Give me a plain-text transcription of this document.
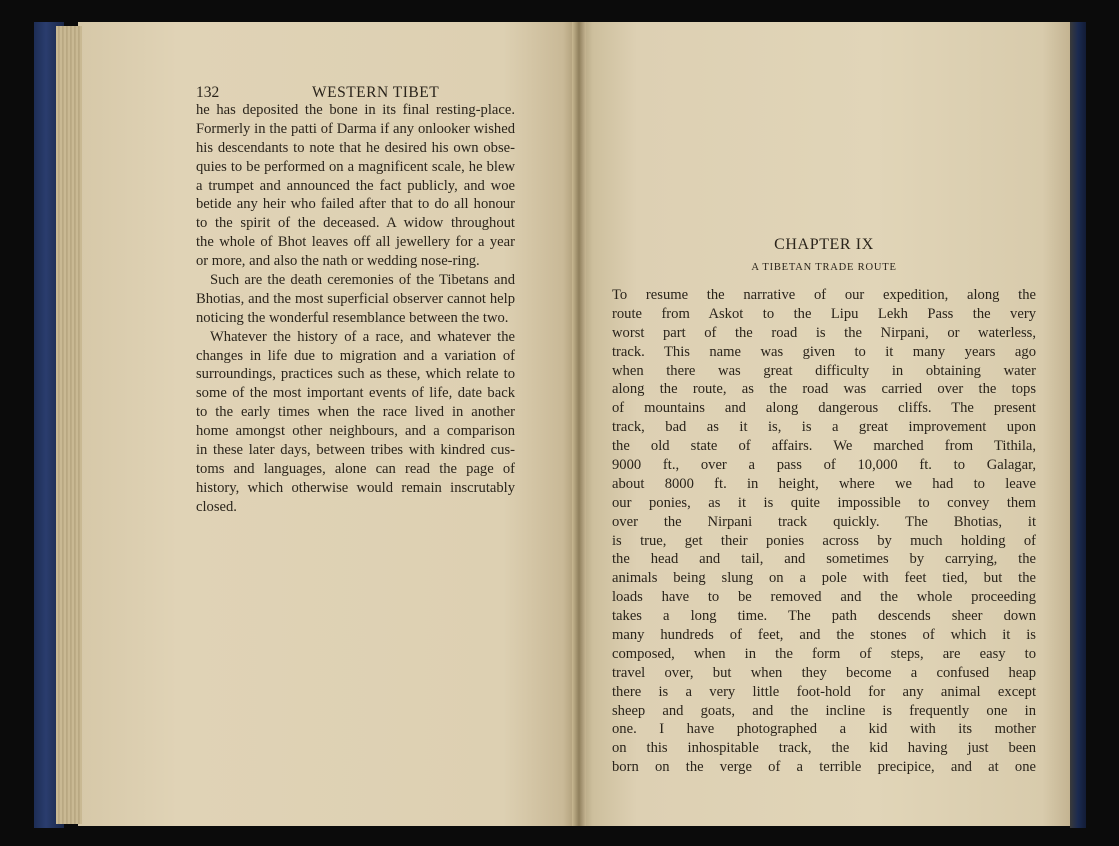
132	WESTERN TIBET
he has deposited the bone in its final resting-place.
Formerly in the patti of Darma if any onlooker wished
his descendants to note that he desired his own obse-
quies to be performed on a magnificent scale, he blew
a trumpet and announced the fact publicly, and woe
betide any heir who failed after that to do all honour
to the spirit of the deceased. A widow throughout
the whole of Bhot leaves off all jewellery for a year
or more, and also the nath or wedding nose-ring.
Such are the death ceremonies of the Tibetans and
Bhotias, and the most superficial observer cannot help
noticing the wonderful resemblance between the two.
Whatever the history of a race, and whatever the
changes in life due to migration and a variation of
surroundings, practices such as these, which relate to
some of the most important events of life, date back
to the early times when the race lived in another
home amongst other neighbours, and a comparison
in these later days, between tribes with kindred cus-
toms and languages, alone can read the page of
history, which otherwise would remain inscrutably
closed.
CHAPTER IX
A TIBETAN TRADE ROUTE
To resume the narrative of our expedition, along the
route from Askot to the Lipu Lekh Pass the very
worst part of the road is the Nirpani, or waterless,
track. This name was given to it many years ago
when there was great difficulty in obtaining water
along the route, as the road was carried over the tops
of mountains and along dangerous cliffs. The present
track, bad as it is, is a great improvement upon
the old state of affairs. We marched from Tithila,
9000 ft., over a pass of 10,000 ft. to Galagar,
about 8000 ft. in height, where we had to leave
our ponies, as it is quite impossible to convey them
over the Nirpani track quickly. The Bhotias, it
is true, get their ponies across by much holding of
the head and tail, and sometimes by carrying, the
animals being slung on a pole with feet tied, but the
loads have to be removed and the whole proceeding
takes a long time. The path descends sheer down
many hundreds of feet, and the stones of which it is
composed, when in the form of steps, are easy to
travel over, but when they become a confused heap
there is a very little foot-hold for any animal except
sheep and goats, and the incline is frequently one in
one. I have photographed a kid with its mother
on this inhospitable track, the kid having just been
born on the verge of a terrible precipice, and at one
